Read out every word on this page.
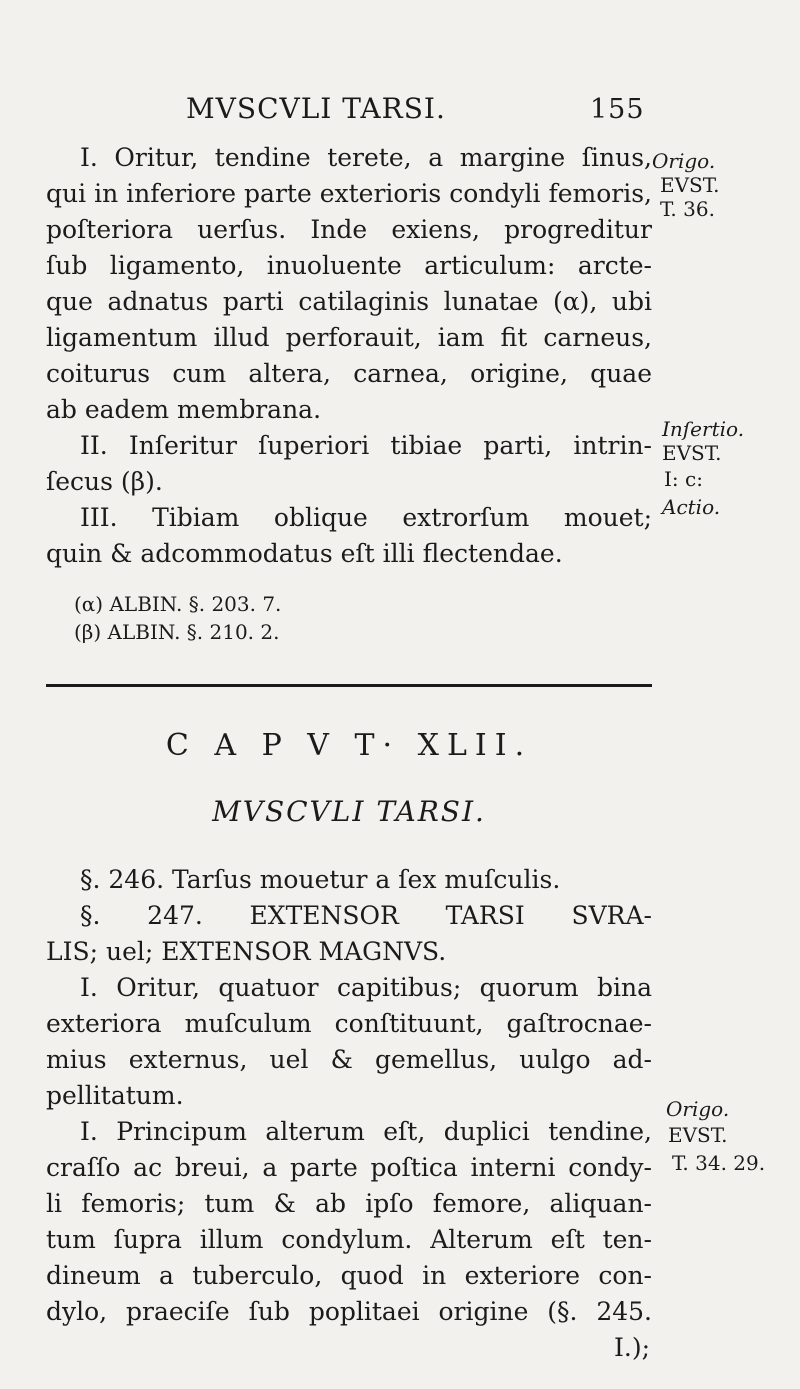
MVSCVLI TARSI.	155
I. Oritur, tendine terete, a margine ſinus,
qui in inferiore parte exterioris condyli femoris,
poſteriora uerſus. Inde exiens, progreditur
ſub ligamento, inuoluente articulum: arcte-
que adnatus parti catilaginis lunatae (α), ubi
ligamentum illud perforauit, iam fit carneus,
coiturus cum altera, carnea, origine, quae
ab eadem membrana.
II. Inſeritur ſuperiori tibiae parti, intrin-
ſecus (β).
III. Tibiam oblique extrorſum mouet;
quin & adcommodatus eſt illi flectendae.
Origo.
EVST.
T. 36.
Inſertio.
EVST.
I: c:
Actio.
(α) ALBIN. §. 203. 7.
(β) ALBIN. §. 210. 2.
C A P V T· XLII.
MVSCVLI TARSI.
§. 246. Tarſus mouetur a ſex muſculis.
§. 247. EXTENSOR TARSI SVRA-
LIS; uel; EXTENSOR MAGNVS.
I. Oritur, quatuor capitibus; quorum bina
exteriora muſculum conſtituunt, gaſtrocnae-
mius externus, uel & gemellus, uulgo ad-
pellitatum.
I. Principum alterum eſt, duplici tendine,
craſſo ac breui, a parte poſtica interni condy-
li femoris; tum & ab ipſo femore, aliquan-
tum ſupra illum condylum. Alterum eſt ten-
dineum a tuberculo, quod in exteriore con-
dylo, praeciſe ſub poplitaei origine (§. 245.
I.);
Origo.
EVST.
T. 34. 29.
